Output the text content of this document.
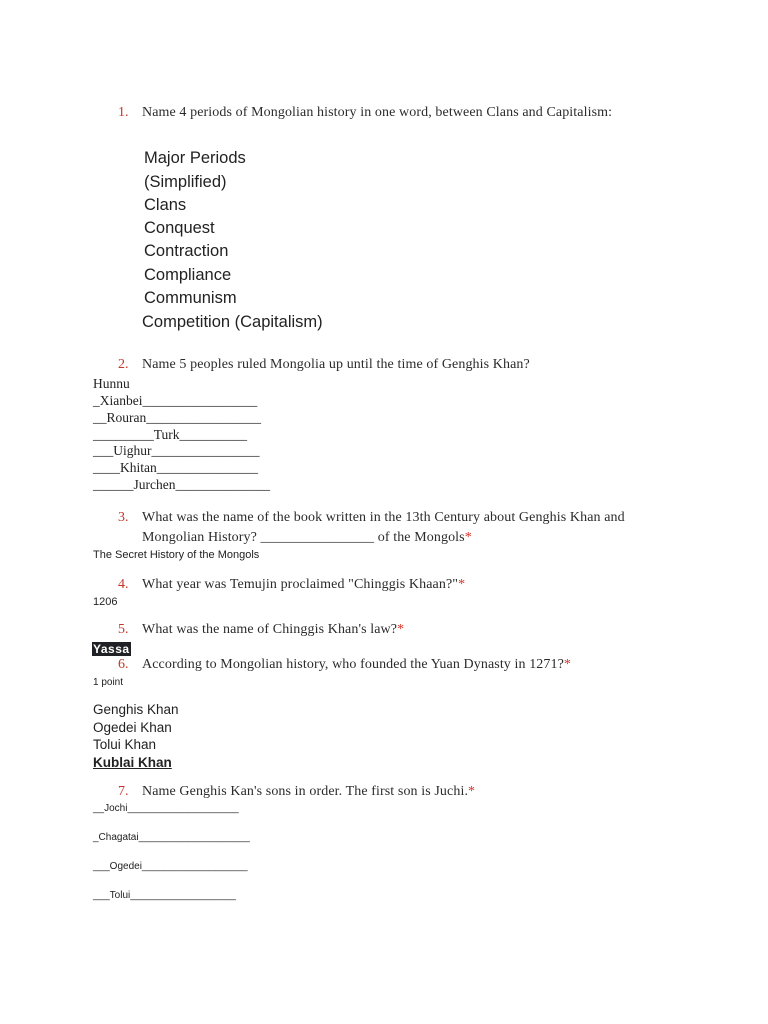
1. Name 4 periods of Mongolian history in one word, between Clans and Capitalism:
Major Periods
(Simplified)
Clans
Conquest
Contraction
Compliance
Communism
Competition (Capitalism)
2. Name 5 peoples ruled Mongolia up until the time of Genghis Khan?
Hunnu
_Xianbei_________________
__Rouran_________________
_________Turk__________
___Uighur________________
____Khitan_______________
______Jurchen______________
3. What was the name of the book written in the 13th Century about Genghis Khan and
Mongolian History? ________________ of the Mongols*
The Secret History of the Mongols
4. What year was Temujin proclaimed "Chinggis Khaan?"*
1206
5. What was the name of Chinggis Khan's law?*
Yassa
6. According to Mongolian history, who founded the Yuan Dynasty in 1271?*
1 point
Genghis Khan
Ogedei Khan
Tolui Khan
Kublai Khan
7. Name Genghis Kan's sons in order. The first son is Juchi.*
__Jochi____________________
_Chagatai____________________
___Ogedei___________________
___Tolui___________________
